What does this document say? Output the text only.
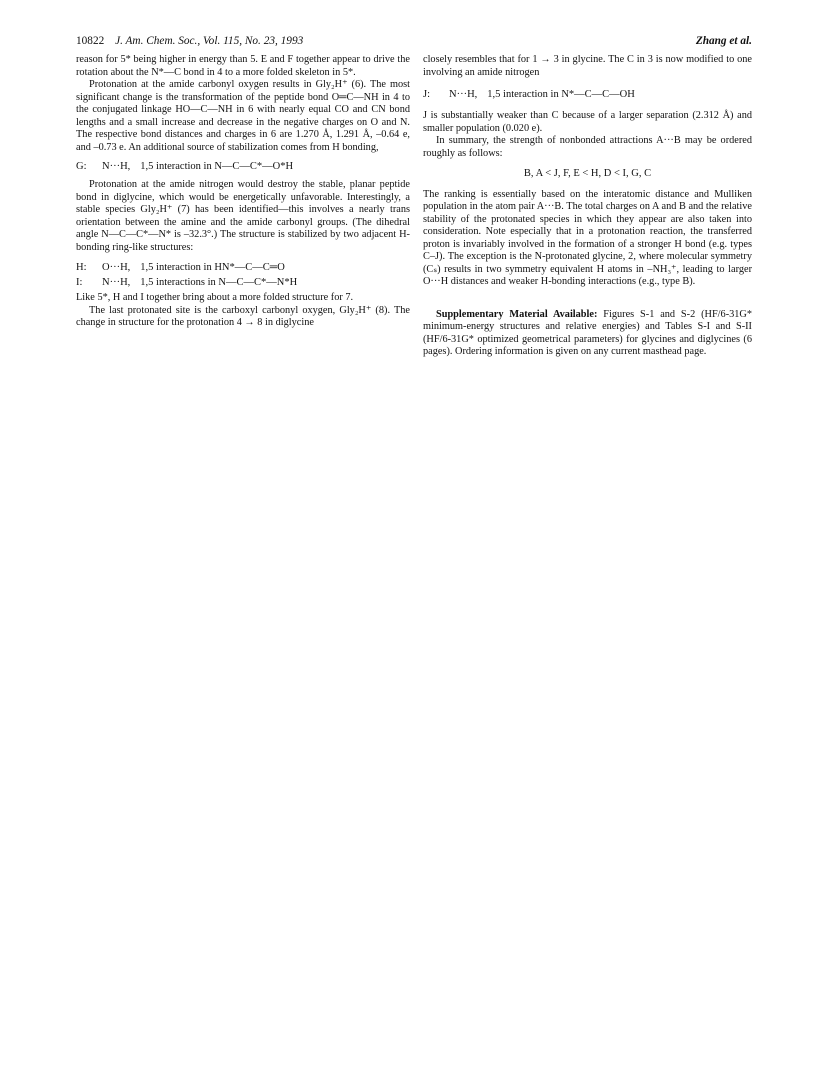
10822 J. Am. Chem. Soc., Vol. 115, No. 23, 1993	Zhang et al.

reason for 5* being higher in energy than 5. E and F together appear to drive the rotation about the N*—C bond in 4 to a more folded skeleton in 5*.

Protonation at the amide carbonyl oxygen results in Gly₂H⁺ (6). The most significant change is the transformation of the peptide bond O═C—NH in 4 to the conjugated linkage HO—C—NH in 6 with nearly equal CO and CN bond lengths and a small increase and decrease in the negative charges on O and N. The respective bond distances and charges in 6 are 1.270 Å, 1.291 Å, –0.64 e, and –0.73 e. An additional source of stabilization comes from H bonding,

G: N···H, 1,5 interaction in N—C—C*—O*H

Protonation at the amide nitrogen would destroy the stable, planar peptide bond in diglycine, which would be energetically unfavorable. Interestingly, a stable species Gly₂H⁺ (7) has been identified—this involves a nearly trans orientation between the amine and the amide carbonyl groups. (The dihedral angle N—C—C*—N* is –32.3°.) The structure is stabilized by two adjacent H-bonding ring-like structures:

H: O···H, 1,5 interaction in HN*—C—C═O
I: N···H, 1,5 interactions in N—C—C*—N*H

Like 5*, H and I together bring about a more folded structure for 7.

The last protonated site is the carboxyl carbonyl oxygen, Gly₂H⁺ (8). The change in structure for the protonation 4 → 8 in diglycine

closely resembles that for 1 → 3 in glycine. The C in 3 is now modified to one involving an amide nitrogen

J: N···H, 1,5 interaction in N*—C—C—OH

J is substantially weaker than C because of a larger separation (2.312 Å) and smaller population (0.020 e).

In summary, the strength of nonbonded attractions A···B may be ordered roughly as follows:

B, A < J, F, E < H, D < I, G, C

The ranking is essentially based on the interatomic distance and Mulliken population in the atom pair A···B. The total charges on A and B and the relative stability of the protonated species in which they appear are also taken into consideration. Note especially that in a protonation reaction, the transferred proton is invariably involved in the formation of a stronger H bond (e.g. types C–J). The exception is the N-protonated glycine, 2, where molecular symmetry (Cₛ) results in two symmetry equivalent H atoms in –NH₃⁺, leading to larger O···H distances and weaker H-bonding interactions (e.g., type B).

Supplementary Material Available: Figures S-1 and S-2 (HF/6-31G* minimum-energy structures and relative energies) and Tables S-I and S-II (HF/6-31G* optimized geometrical parameters) for glycines and diglycines (6 pages). Ordering information is given on any current masthead page.
